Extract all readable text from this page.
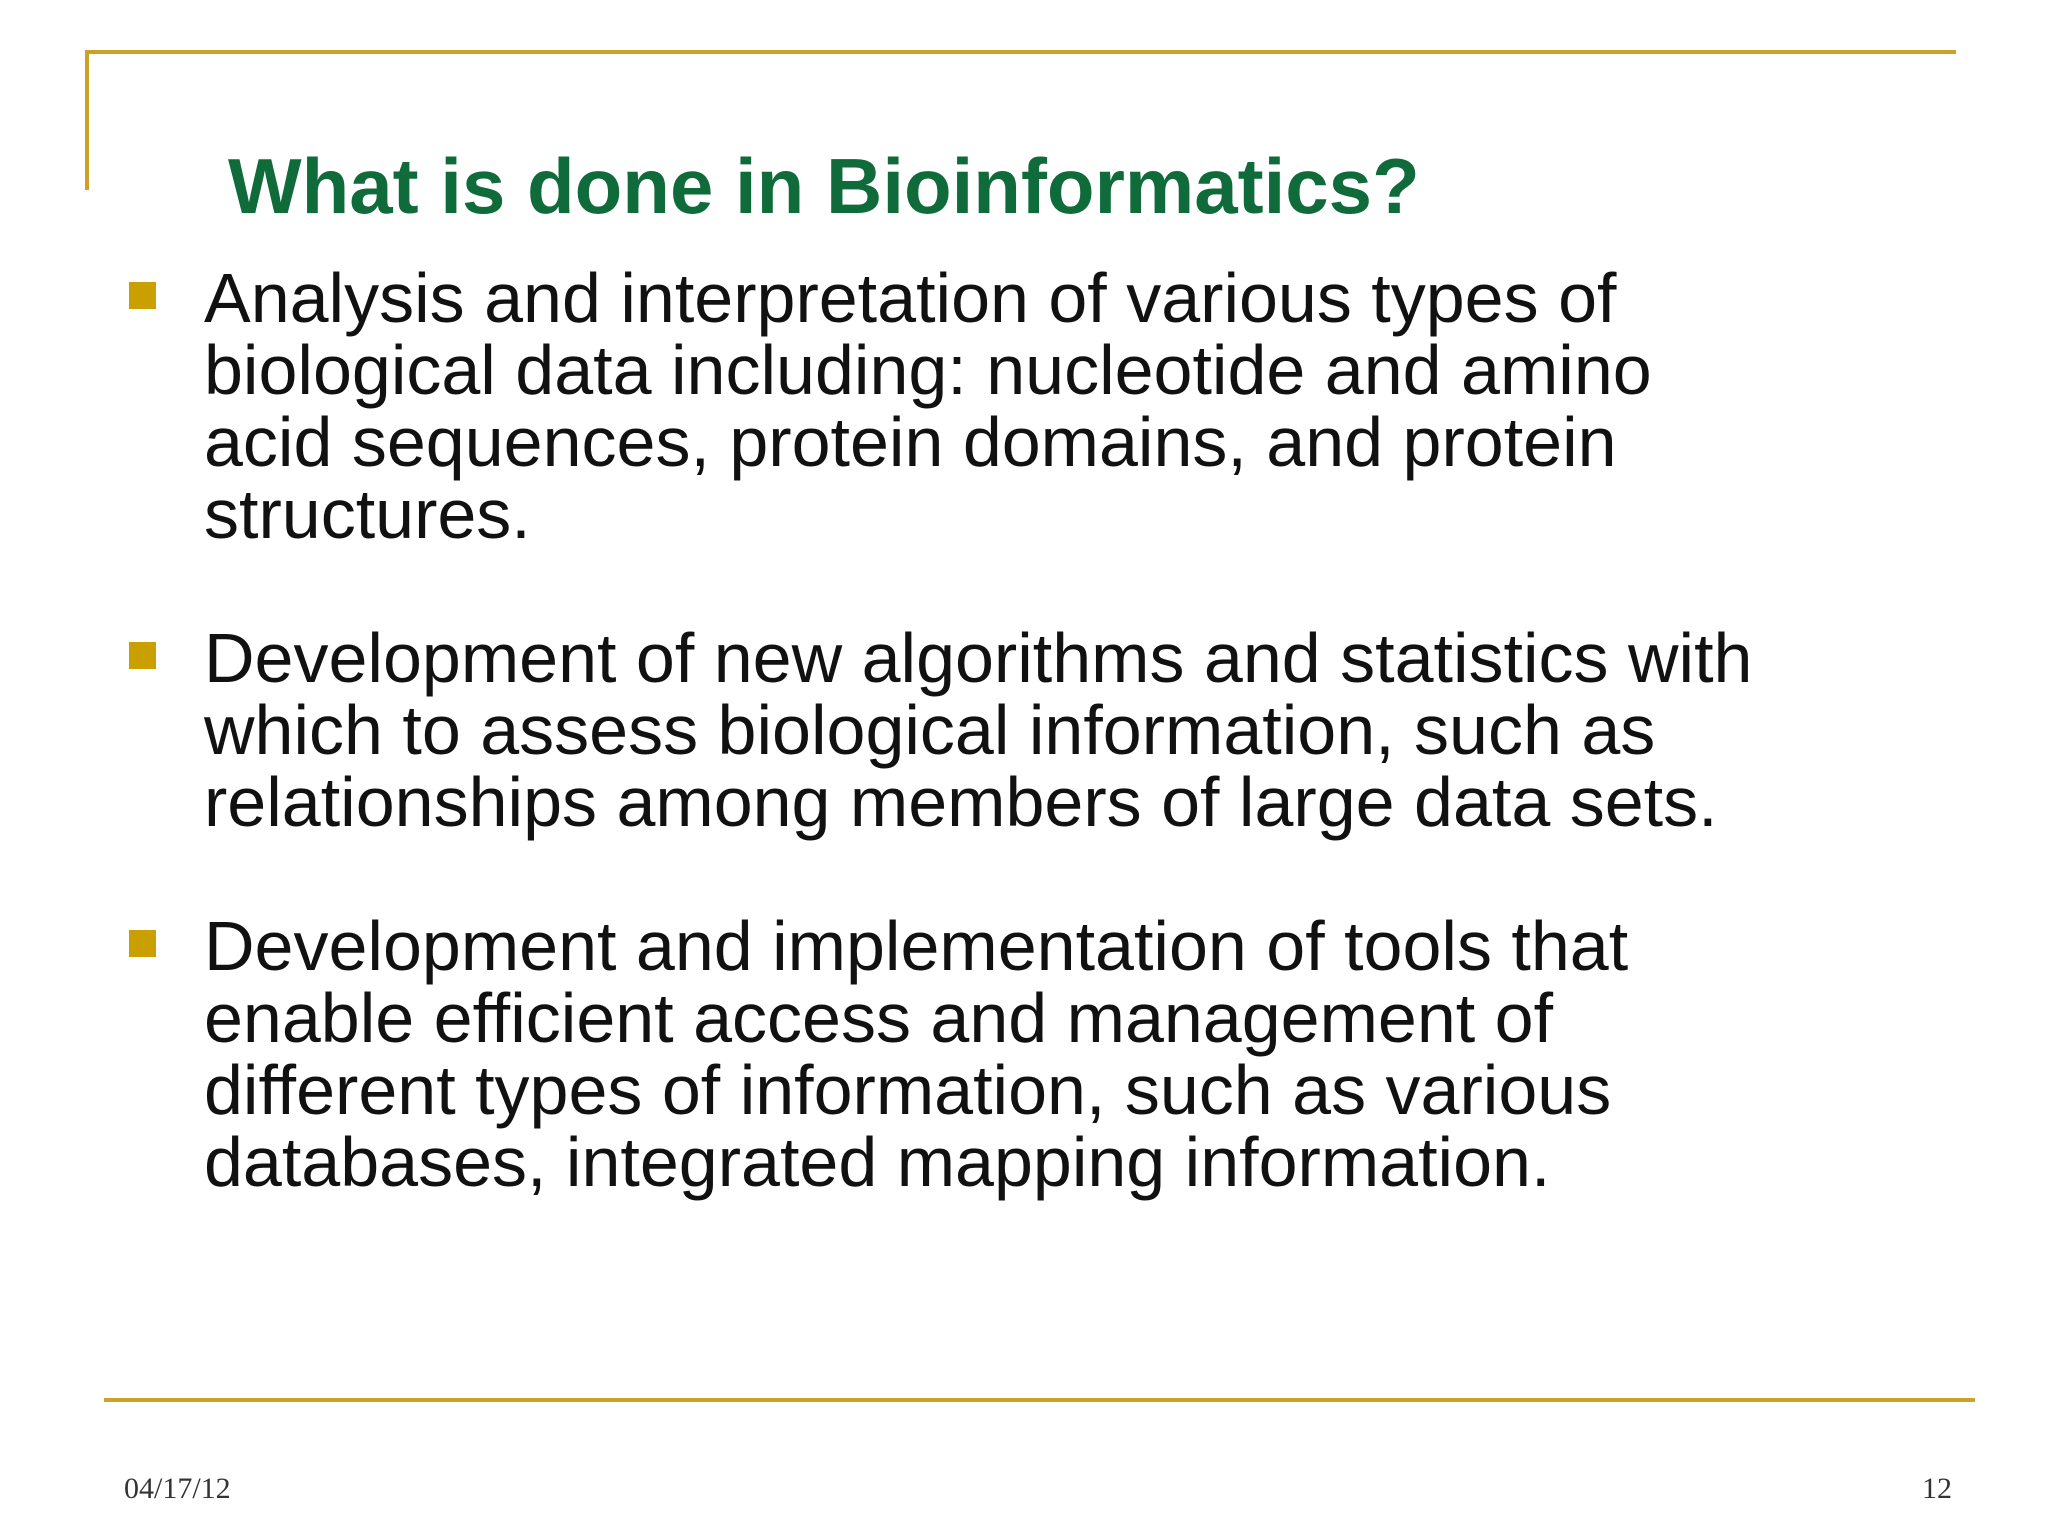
What is done in Bioinformatics?
Analysis and interpretation of various types of
biological data including: nucleotide and amino
acid sequences, protein domains, and protein
structures.
Development of new algorithms and statistics with
which to assess biological information, such as
relationships among members of large data sets.
Development and implementation of tools that
enable efficient access and management of
different types of information, such as various
databases, integrated mapping information.
04/17/12	12
